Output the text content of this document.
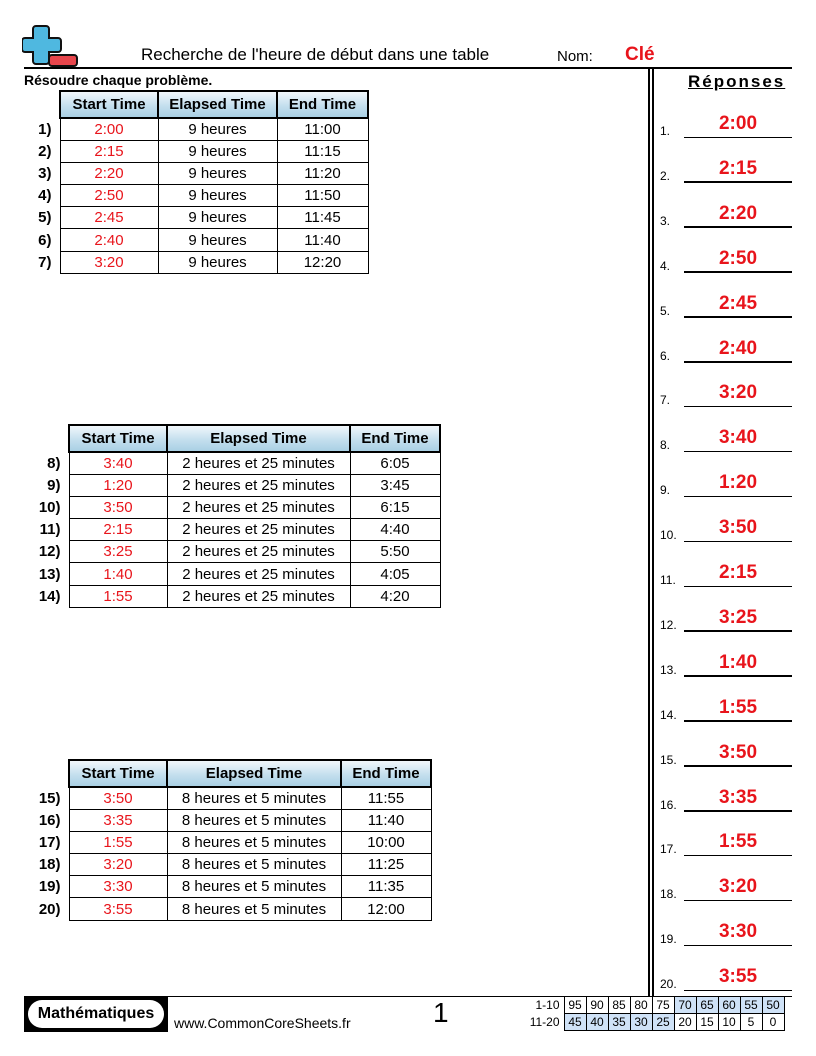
Recherche de l'heure de début dans une table	Nom: Clé
Résoudre chaque problème.
	Start Time	Elapsed Time	End Time
1)	2:00	9 heures	11:00
2)	2:15	9 heures	11:15
3)	2:20	9 heures	11:20
4)	2:50	9 heures	11:50
5)	2:45	9 heures	11:45
6)	2:40	9 heures	11:40
7)	3:20	9 heures	12:20
	Start Time	Elapsed Time	End Time
8)	3:40	2 heures et 25 minutes	6:05
9)	1:20	2 heures et 25 minutes	3:45
10)	3:50	2 heures et 25 minutes	6:15
11)	2:15	2 heures et 25 minutes	4:40
12)	3:25	2 heures et 25 minutes	5:50
13)	1:40	2 heures et 25 minutes	4:05
14)	1:55	2 heures et 25 minutes	4:20
	Start Time	Elapsed Time	End Time
15)	3:50	8 heures et 5 minutes	11:55
16)	3:35	8 heures et 5 minutes	11:40
17)	1:55	8 heures et 5 minutes	10:00
18)	3:20	8 heures et 5 minutes	11:25
19)	3:30	8 heures et 5 minutes	11:35
20)	3:55	8 heures et 5 minutes	12:00
Réponses
1.	2:00
2.	2:15
3.	2:20
4.	2:50
5.	2:45
6.	2:40
7.	3:20
8.	3:40
9.	1:20
10.	3:50
11.	2:15
12.	3:25
13.	1:40
14.	1:55
15.	3:50
16.	3:35
17.	1:55
18.	3:20
19.	3:30
20.	3:55
Mathématiques
www.CommonCoreSheets.fr	1	1-10	95	90	85	80	75	70	65	60	55	50
11-20	45	40	35	30	25	20	15	10	5	0
